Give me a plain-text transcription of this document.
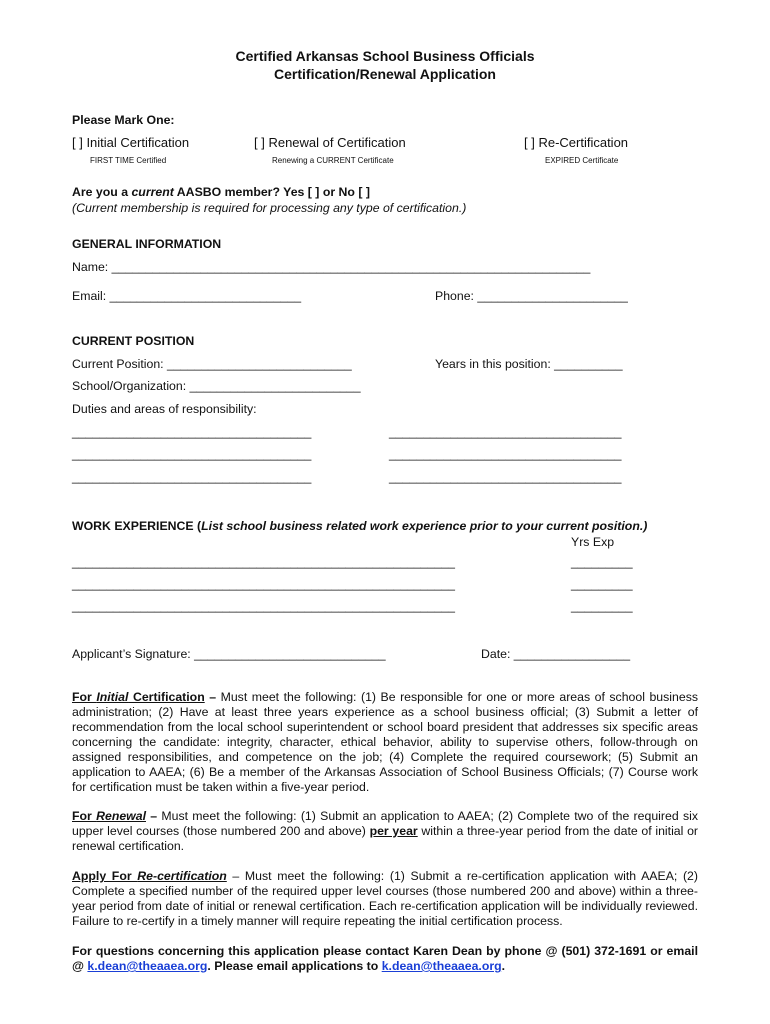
Certified Arkansas School Business Officials
Certification/Renewal Application
Please Mark One:
[ ] Initial Certification
FIRST TIME Certified
[ ] Renewal of Certification
Renewing a CURRENT Certificate
[ ] Re-Certification
EXPIRED Certificate
Are you a current AASBO member? Yes [ ] or No [ ]
(Current membership is required for processing any type of certification.)
GENERAL INFORMATION
Name: ______________________________________________________________________
Email: ____________________________	Phone: ______________________
CURRENT POSITION
Current Position: ___________________________	Years in this position: __________
School/Organization: _________________________
Duties and areas of responsibility:
___________________________________	__________________________________
___________________________________	__________________________________
___________________________________	__________________________________
WORK EXPERIENCE (List school business related work experience prior to your current position.)
Yrs Exp
________________________________________________________	_________
________________________________________________________	_________
________________________________________________________	_________
Applicant’s Signature: ____________________________	Date: _________________
For Initial Certification – Must meet the following: (1) Be responsible for one or more areas of school business administration; (2) Have at least three years experience as a school business official; (3) Submit a letter of recommendation from the local school superintendent or school board president that addresses six specific areas concerning the candidate: integrity, character, ethical behavior, ability to supervise others, follow-through on assigned responsibilities, and competence on the job; (4) Complete the required coursework; (5) Submit an application to AAEA; (6) Be a member of the Arkansas Association of School Business Officials; (7) Course work for certification must be taken within a five-year period.
For Renewal – Must meet the following: (1) Submit an application to AAEA; (2) Complete two of the required six upper level courses (those numbered 200 and above) per year within a three-year period from the date of initial or renewal certification.
Apply For Re-certification – Must meet the following: (1) Submit a re-certification application with AAEA; (2) Complete a specified number of the required upper level courses (those numbered 200 and above) within a three-year period from date of initial or renewal certification. Each re-certification application will be individually reviewed. Failure to re-certify in a timely manner will require repeating the initial certification process.
For questions concerning this application please contact Karen Dean by phone @ (501) 372-1691 or email @ k.dean@theaaea.org. Please email applications to k.dean@theaaea.org.
